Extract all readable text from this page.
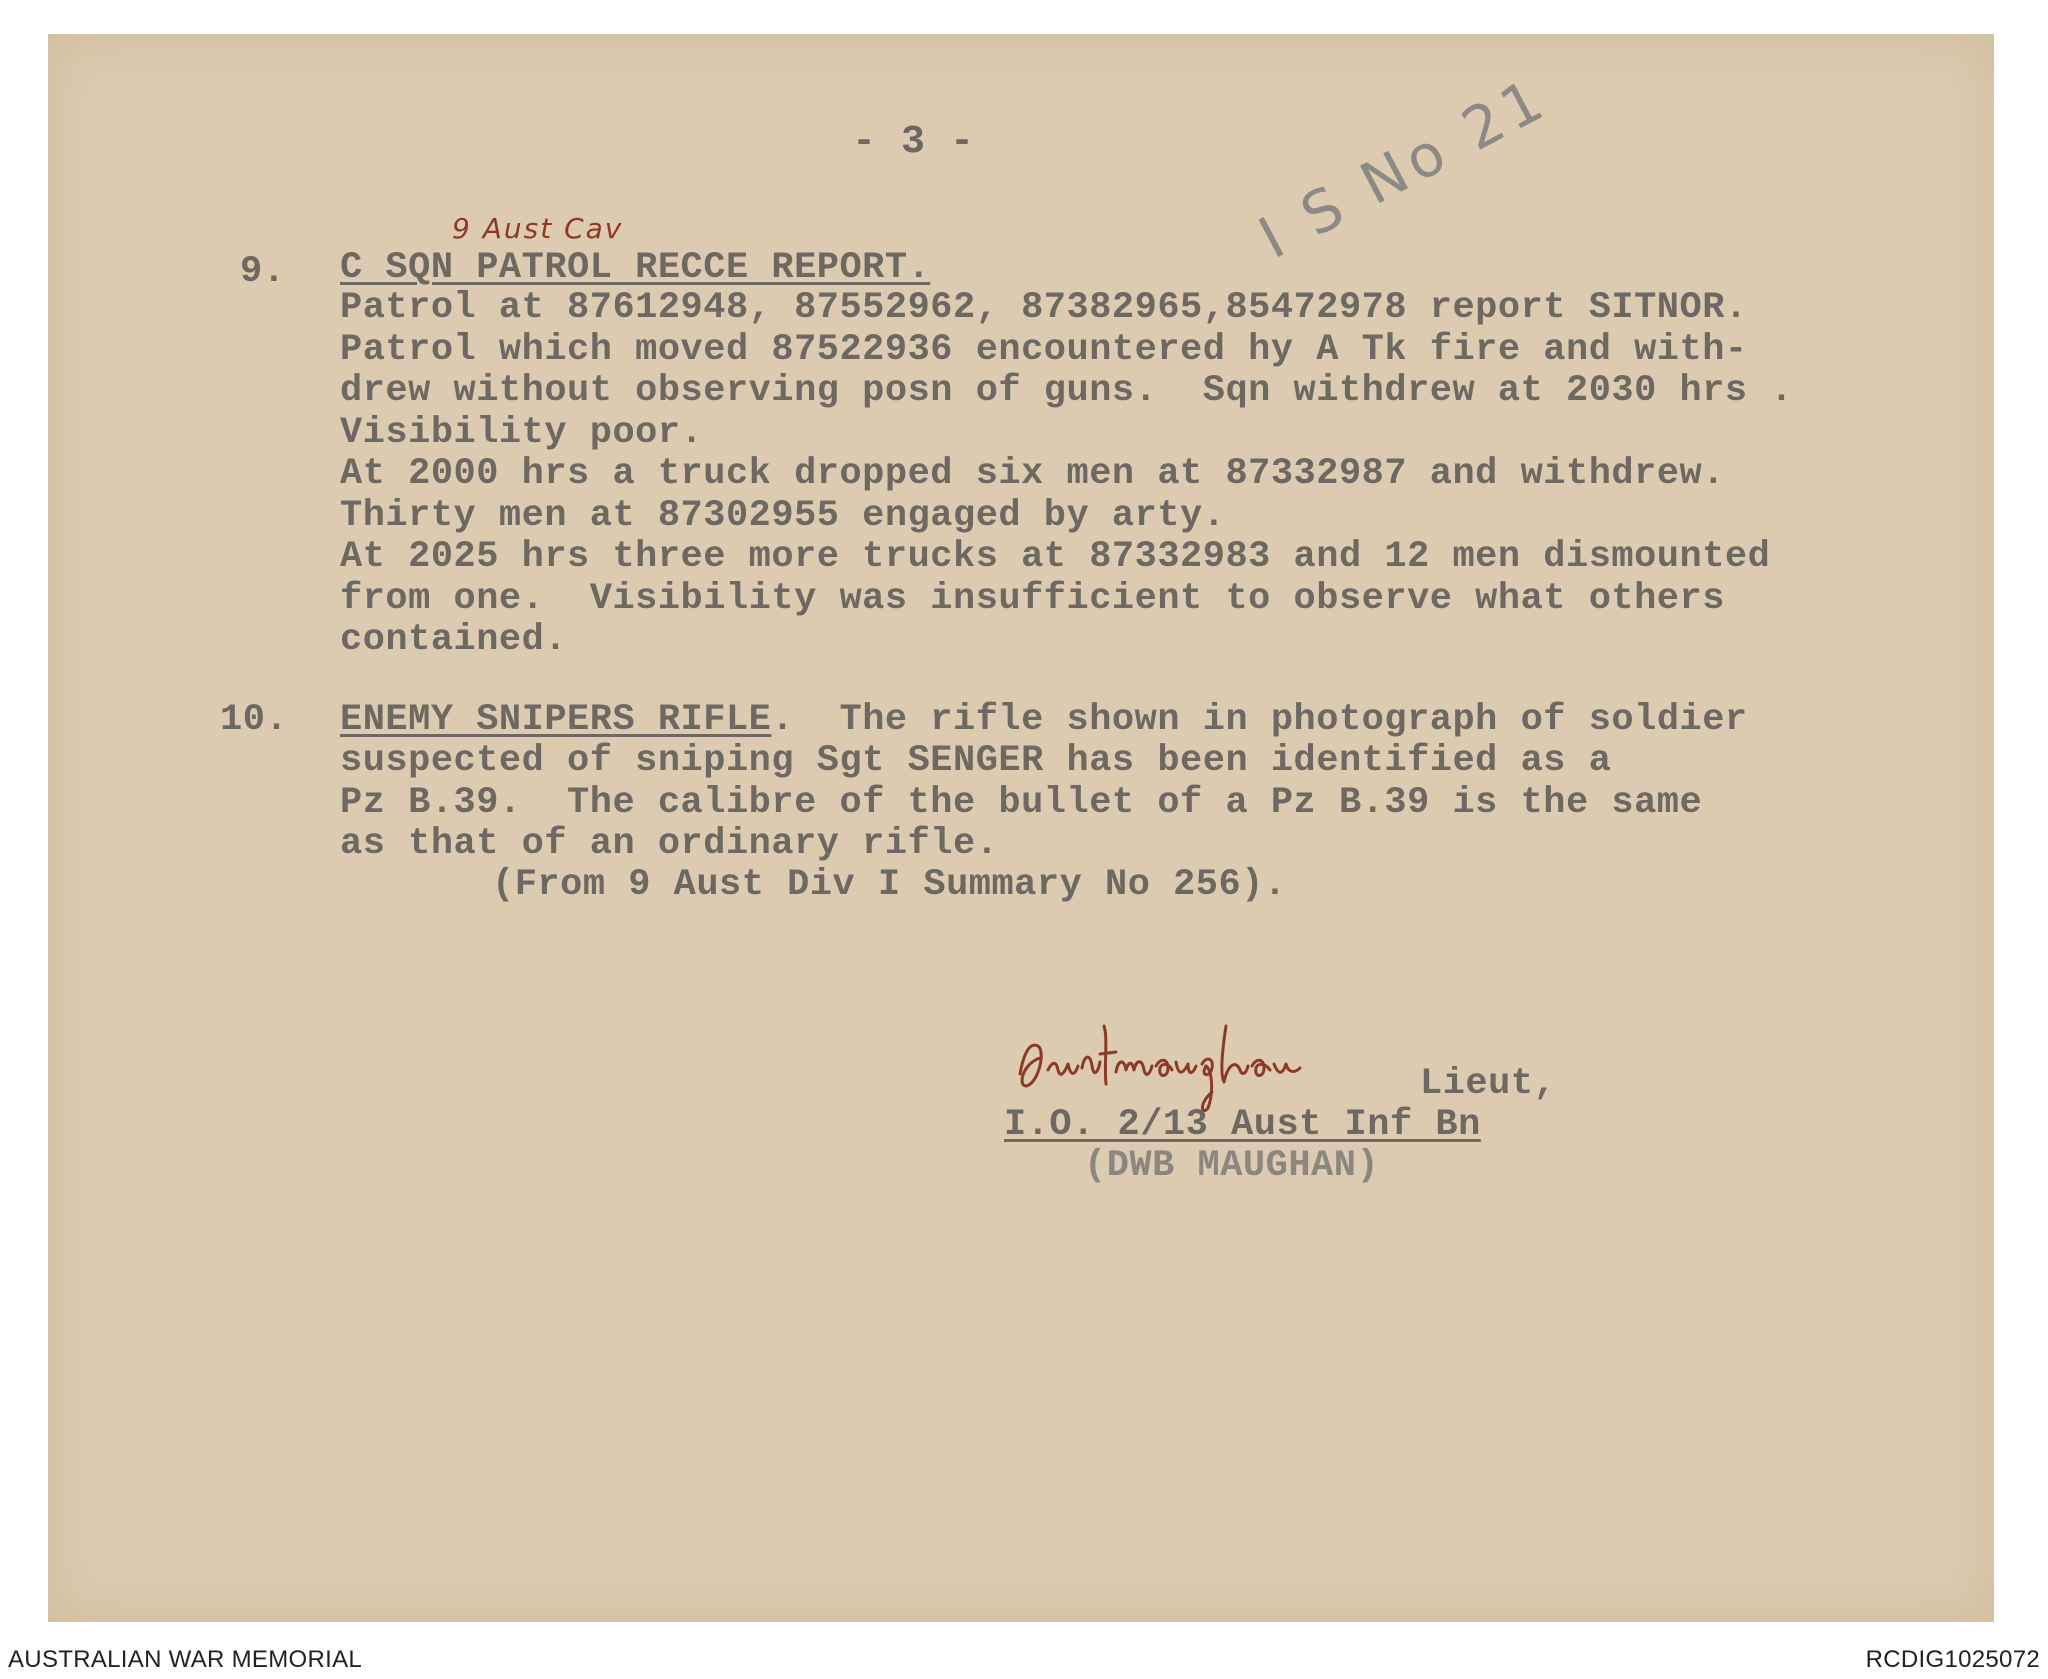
- 3 -	I S No 21
9 Aust Cav
9. C SQN PATROL RECCE REPORT.
Patrol at 87612948, 87552962, 87382965,85472978 report SITNOR.
Patrol which moved 87522936 encountered hy A Tk fire and with-
drew without observing posn of guns.  Sqn withdrew at 2030 hrs .
Visibility poor.
At 2000 hrs a truck dropped six men at 87332987 and withdrew.
Thirty men at 87302955 engaged by arty.
At 2025 hrs three more trucks at 87332983 and 12 men dismounted
from one.  Visibility was insufficient to observe what others
contained.
10. ENEMY SNIPERS RIFLE.  The rifle shown in photograph of soldier
suspected of sniping Sgt SENGER has been identified as a
Pz B.39.  The calibre of the bullet of a Pz B.39 is the same
as that of an ordinary rifle.
(From 9 Aust Div I Summary No 256).
Lieut,
I.O. 2/13 Aust Inf Bn
(DWB MAUGHAN)
AUSTRALIAN WAR MEMORIAL	RCDIG1025072
